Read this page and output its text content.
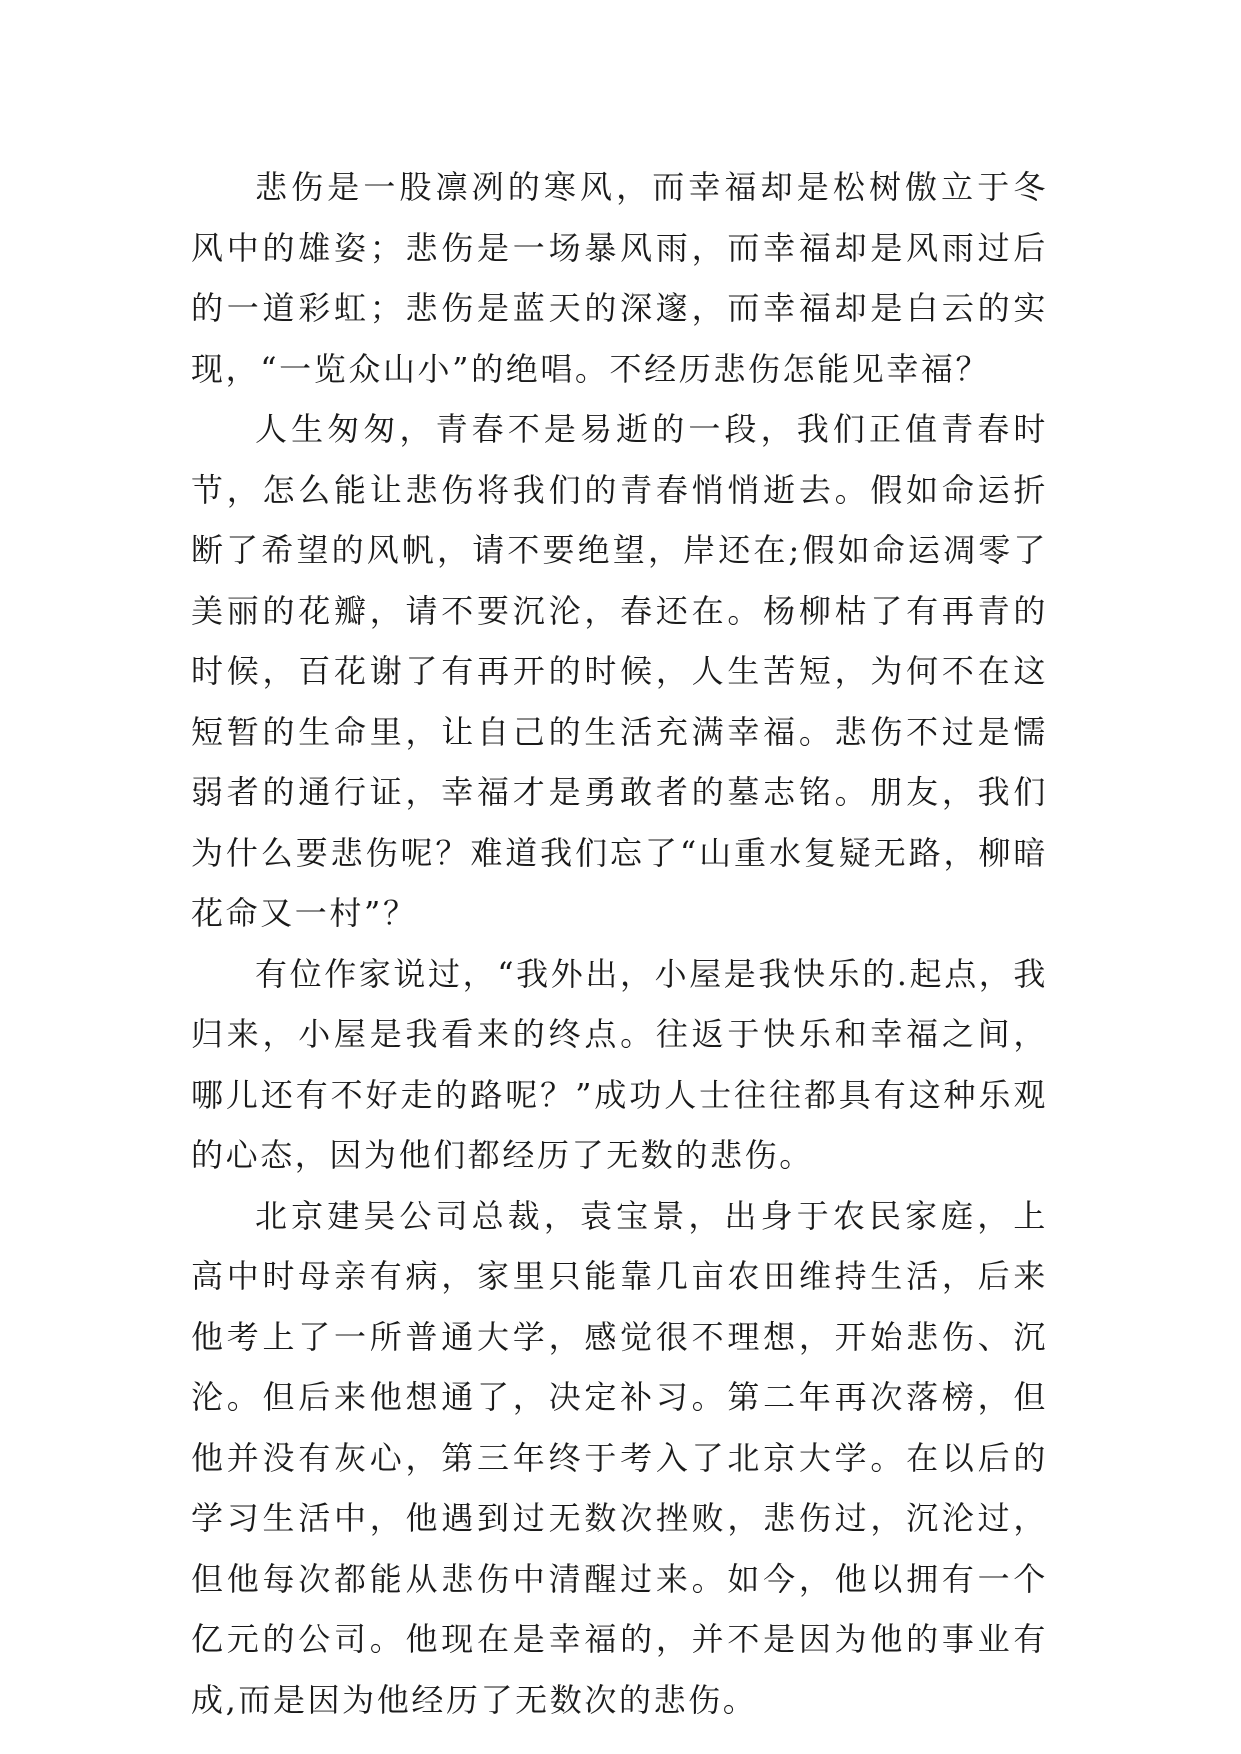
悲伤是一股凛冽的寒风，而幸福却是松树傲立于冬风中的雄姿；悲伤是一场暴风雨，而幸福却是风雨过后的一道彩虹；悲伤是蓝天的深邃，而幸福却是白云的实现，“一览众山小”的绝唱。不经历悲伤怎能见幸福？

人生匆匆，青春不是易逝的一段，我们正值青春时节，怎么能让悲伤将我们的青春悄悄逝去。假如命运折断了希望的风帆，请不要绝望，岸还在;假如命运凋零了美丽的花瓣，请不要沉沦，春还在。杨柳枯了有再青的时候，百花谢了有再开的时候，人生苦短，为何不在这短暂的生命里，让自己的生活充满幸福。悲伤不过是懦弱者的通行证，幸福才是勇敢者的墓志铭。朋友，我们为什么要悲伤呢？难道我们忘了“山重水复疑无路，柳暗花命又一村”？

有位作家说过，“我外出，小屋是我快乐的.起点，我归来，小屋是我看来的终点。往返于快乐和幸福之间，哪儿还有不好走的路呢？”成功人士往往都具有这种乐观的心态，因为他们都经历了无数的悲伤。

北京建吴公司总裁，袁宝景，出身于农民家庭，上高中时母亲有病，家里只能靠几亩农田维持生活，后来他考上了一所普通大学，感觉很不理想，开始悲伤、沉沦。但后来他想通了，决定补习。第二年再次落榜，但他并没有灰心，第三年终于考入了北京大学。在以后的学习生活中，他遇到过无数次挫败，悲伤过，沉沦过，但他每次都能从悲伤中清醒过来。如今，他以拥有一个亿元的公司。他现在是幸福的，并不是因为他的事业有成,而是因为他经历了无数次的悲伤。
